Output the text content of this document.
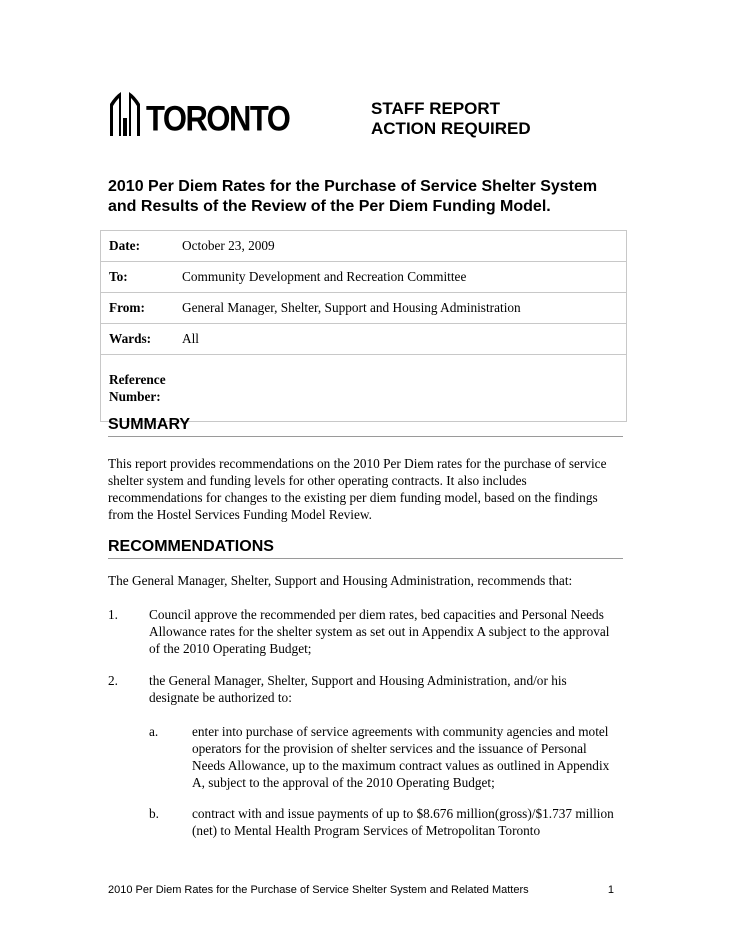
TORONTO	STAFF REPORT
ACTION REQUIRED
2010 Per Diem Rates for the Purchase of Service Shelter System and Results of the Review of the Per Diem Funding Model.
Date:	October 23, 2009
To:	Community Development and Recreation Committee
From:	General Manager, Shelter, Support and Housing Administration
Wards:	All

Reference
Number:	

SUMMARY
This report provides recommendations on the 2010 Per Diem rates for the purchase of service shelter system and funding levels for other operating contracts. It also includes recommendations for changes to the existing per diem funding model, based on the findings from the Hostel Services Funding Model Review.
RECOMMENDATIONS
The General Manager, Shelter, Support and Housing Administration, recommends that:
1. Council approve the recommended per diem rates, bed capacities and Personal Needs Allowance rates for the shelter system as set out in Appendix A subject to the approval of the 2010 Operating Budget;
2. the General Manager, Shelter, Support and Housing Administration, and/or his designate be authorized to:
a.	enter into purchase of service agreements with community agencies and motel operators for the provision of shelter services and the issuance of Personal Needs Allowance, up to the maximum contract values as outlined in Appendix A, subject to the approval of the 2010 Operating Budget;
b. contract with and issue payments of up to $8.676 million(gross)/$1.737 million (net) to Mental Health Program Services of Metropolitan Toronto
2010 Per Diem Rates for the Purchase of Service Shelter System and Related Matters	1
